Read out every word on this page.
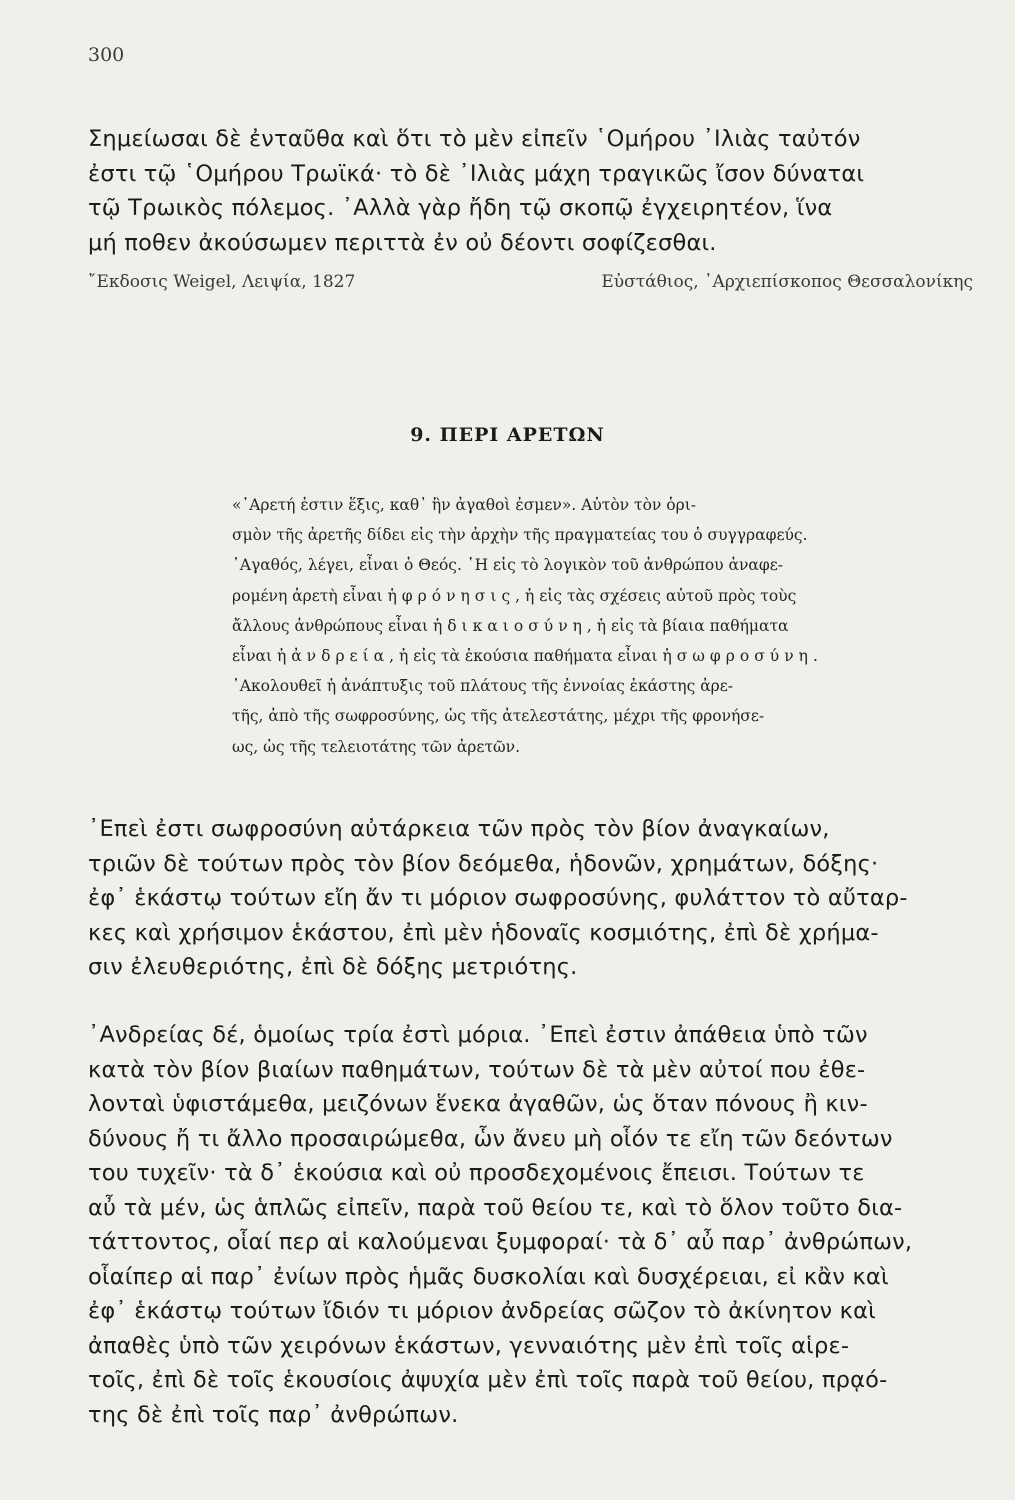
300
Σημείωσαι δὲ ἐνταῦθα καὶ ὅτι τὸ μὲν εἰπεῖν ῾Ομήρου ᾿Ιλιὰς ταὐτόν
ἐστι τῷ ῾Ομήρου Τρωϊκά· τὸ δὲ ᾿Ιλιὰς μάχη τραγικῶς ἴσον δύναται
τῷ Τρωικὸς πόλεμος. ᾿Αλλὰ γὰρ ἤδη τῷ σκοπῷ ἐγχειρητέον, ἵνα
μή ποθεν ἀκούσωμεν περιττὰ ἐν οὐ δέοντι σοφίζεσθαι.
῎Εκδοσις Weigel, Λειψία, 1827	Εὐστάθιος, ᾿Αρχιεπίσκοπος Θεσσαλονίκης
9. ΠΕΡΙ ΑΡΕΤΩΝ
«᾿Αρετή ἐστιν ἕξις, καθ᾿ ἣν ἀγαθοὶ ἐσμεν». Αὐτὸν τὸν ὁρι-
σμὸν τῆς ἀρετῆς δίδει εἰς τὴν ἀρχὴν τῆς πραγματείας του ὁ συγγραφεύς.
᾿Αγαθός, λέγει, εἶναι ὁ Θεός. ῾Η εἰς τὸ λογικὸν τοῦ ἀνθρώπου ἀναφε-
ρομένη ἀρετὴ εἶναι ἡ φρόνησις, ἡ εἰς τὰς σχέσεις αὐτοῦ πρὸς τοὺς
ἄλλους ἀνθρώπους εἶναι ἡ δικαιοσύνη, ἡ εἰς τὰ βίαια παθήματα
εἶναι ἡ ἀνδρεία, ἡ εἰς τὰ ἑκούσια παθήματα εἶναι ἡ σωφροσύνη.
᾿Ακολουθεῖ ἡ ἀνάπτυξις τοῦ πλάτους τῆς ἐννοίας ἑκάστης ἀρε-
τῆς, ἀπὸ τῆς σωφροσύνης, ὡς τῆς ἀτελεστάτης, μέχρι τῆς φρονήσε-
ως, ὡς τῆς τελειοτάτης τῶν ἀρετῶν.
᾿Επεὶ ἐστι σωφροσύνη αὐτάρκεια τῶν πρὸς τὸν βίον ἀναγκαίων,
τριῶν δὲ τούτων πρὸς τὸν βίον δεόμεθα, ἡδονῶν, χρημάτων, δόξης·
ἐφ᾿ ἑκάστῳ τούτων εἴη ἄν τι μόριον σωφροσύνης, φυλάττον τὸ αὔταρ-
κες καὶ χρήσιμον ἑκάστου, ἐπὶ μὲν ἡδοναῖς κοσμιότης, ἐπὶ δὲ χρήμα-
σιν ἐλευθεριότης, ἐπὶ δὲ δόξης μετριότης.
᾿Ανδρείας δέ, ὁμοίως τρία ἐστὶ μόρια. ᾿Επεὶ ἐστιν ἀπάθεια ὑπὸ τῶν
κατὰ τὸν βίον βιαίων παθημάτων, τούτων δὲ τὰ μὲν αὐτοί που ἐθε-
λονταὶ ὑφιστάμεθα, μειζόνων ἕνεκα ἀγαθῶν, ὡς ὅταν πόνους ἢ κιν-
δύνους ἤ τι ἄλλο προσαιρώμεθα, ὧν ἄνευ μὴ οἷόν τε εἴη τῶν δεόντων
του τυχεῖν· τὰ δ᾿ ἑκούσια καὶ οὐ προσδεχομένοις ἔπεισι. Τούτων τε
αὖ τὰ μέν, ὡς ἁπλῶς εἰπεῖν, παρὰ τοῦ θείου τε, καὶ τὸ ὅλον τοῦτο δια-
τάττοντος, οἷαί περ αἱ καλούμεναι ξυμφοραί· τὰ δ᾿ αὖ παρ᾿ ἀνθρώπων,
οἷαίπερ αἱ παρ᾿ ἐνίων πρὸς ἡμᾶς δυσκολίαι καὶ δυσχέρειαι, εἰ κἂν καὶ
ἐφ᾿ ἑκάστῳ τούτων ἴδιόν τι μόριον ἀνδρείας σῶζον τὸ ἀκίνητον καὶ
ἀπαθὲς ὑπὸ τῶν χειρόνων ἑκάστων, γενναιότης μὲν ἐπὶ τοῖς αἱρε-
τοῖς, ἐπὶ δὲ τοῖς ἑκουσίοις ἀψυχία μὲν ἐπὶ τοῖς παρὰ τοῦ θείου, πρᾳό-
της δὲ ἐπὶ τοῖς παρ᾿ ἀνθρώπων.
